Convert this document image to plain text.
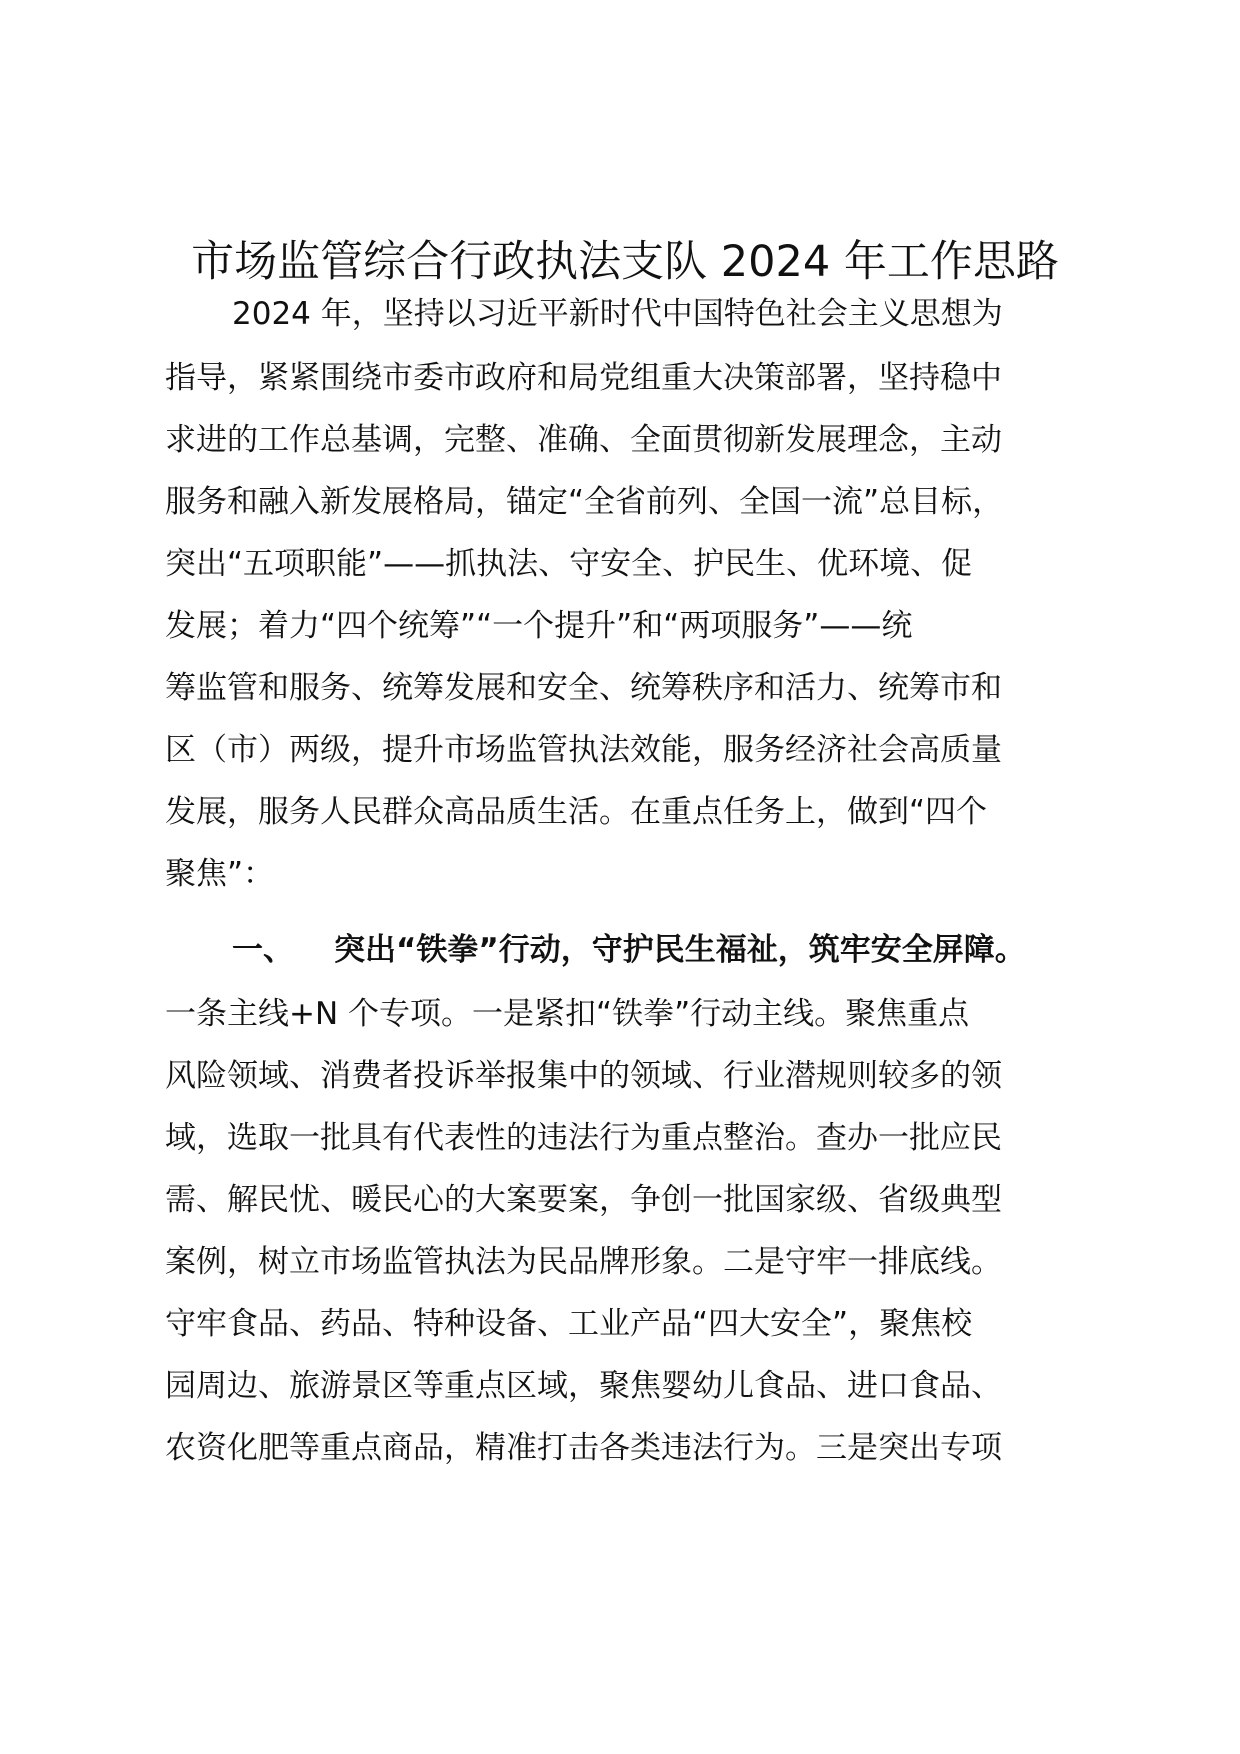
市场监管综合行政执法支队 2024 年工作思路
2024 年，坚持以习近平新时代中国特色社会主义思想为
指导，紧紧围绕市委市政府和局党组重大决策部署，坚持稳中
求进的工作总基调，完整、准确、全面贯彻新发展理念，主动
服务和融入新发展格局，锚定“全省前列、全国一流”总目标，
突出“五项职能”——抓执法、守安全、护民生、优环境、促
发展；着力“四个统筹”“一个提升”和“两项服务”——统
筹监管和服务、统筹发展和安全、统筹秩序和活力、统筹市和
区（市）两级，提升市场监管执法效能，服务经济社会高质量
发展，服务人民群众高品质生活。在重点任务上，做到“四个
聚焦”：
一、 突出“铁拳”行动，守护民生福祉，筑牢安全屏障。
一条主线+N 个专项。一是紧扣“铁拳”行动主线。聚焦重点
风险领域、消费者投诉举报集中的领域、行业潜规则较多的领
域，选取一批具有代表性的违法行为重点整治。查办一批应民
需、解民忧、暖民心的大案要案，争创一批国家级、省级典型
案例，树立市场监管执法为民品牌形象。二是守牢一排底线。
守牢食品、药品、特种设备、工业产品“四大安全”，聚焦校
园周边、旅游景区等重点区域，聚焦婴幼儿食品、进口食品、
农资化肥等重点商品，精准打击各类违法行为。三是突出专项
